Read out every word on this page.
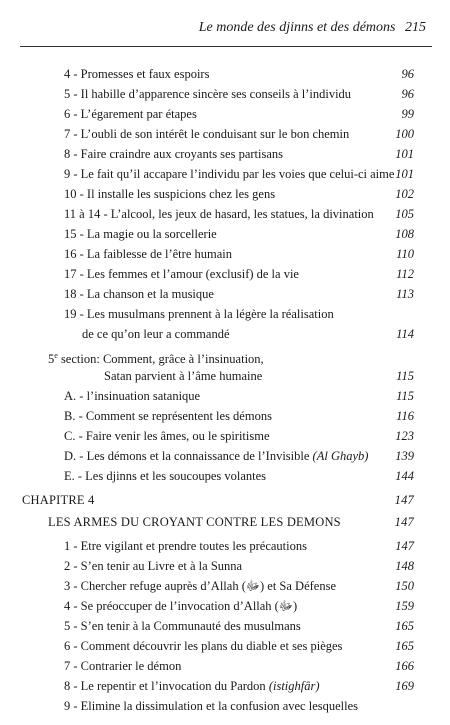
Le monde des djinns et des démons 215
4 - Promesses et faux espoirs	96
5 - Il habille d’apparence sincère ses conseils à l’individu	96
6 - L’égarement par étapes	99
7 - L’oubli de son intérêt le conduisant sur le bon chemin	100
8 - Faire craindre aux croyants ses partisans	101
9 - Le fait qu’il accapare l’individu par les voies que celui-ci aime 101
10 - Il installe les suspicions chez les gens	102
11 à 14 - L’alcool, les jeux de hasard, les statues, la divination 105
15 - La magie ou la sorcellerie	108
16 - La faiblesse de l’être humain	110
17 - Les femmes et l’amour (exclusif) de la vie	112
18 - La chanson et la musique	113
19 - Les musulmans prennent à la légère la réalisation
de ce qu’on leur a commandé	114
5e section: Comment, grâce à l’insinuation,
Satan parvient à l’âme humaine	115
A. - l’insinuation satanique	115
B. - Comment se représentent les démons	116
C. - Faire venir les âmes, ou le spiritisme	123
D. - Les démons et la connaissance de l’Invisible (Al Ghayb) 139
E. - Les djinns et les soucoupes volantes	144
CHAPITRE 4	147
LES ARMES DU CROYANT CONTRE LES DEMONS	147
1 - Etre vigilant et prendre toutes les précautions	147
2 - S’en tenir au Livre et à la Sunna	148
3 - Chercher refuge auprès d’Allah (ﷻ) et Sa Défense	150
4 - Se préoccuper de l’invocation d’Allah (ﷻ)	159
5 - S’en tenir à la Communauté des musulmans	165
6 - Comment découvrir les plans du diable et ses pièges	165
7 - Contrarier le démon	166
8 - Le repentir et l’invocation du Pardon (istighfâr)	169
9 - Elimine la dissimulation et la confusion avec lesquelles
